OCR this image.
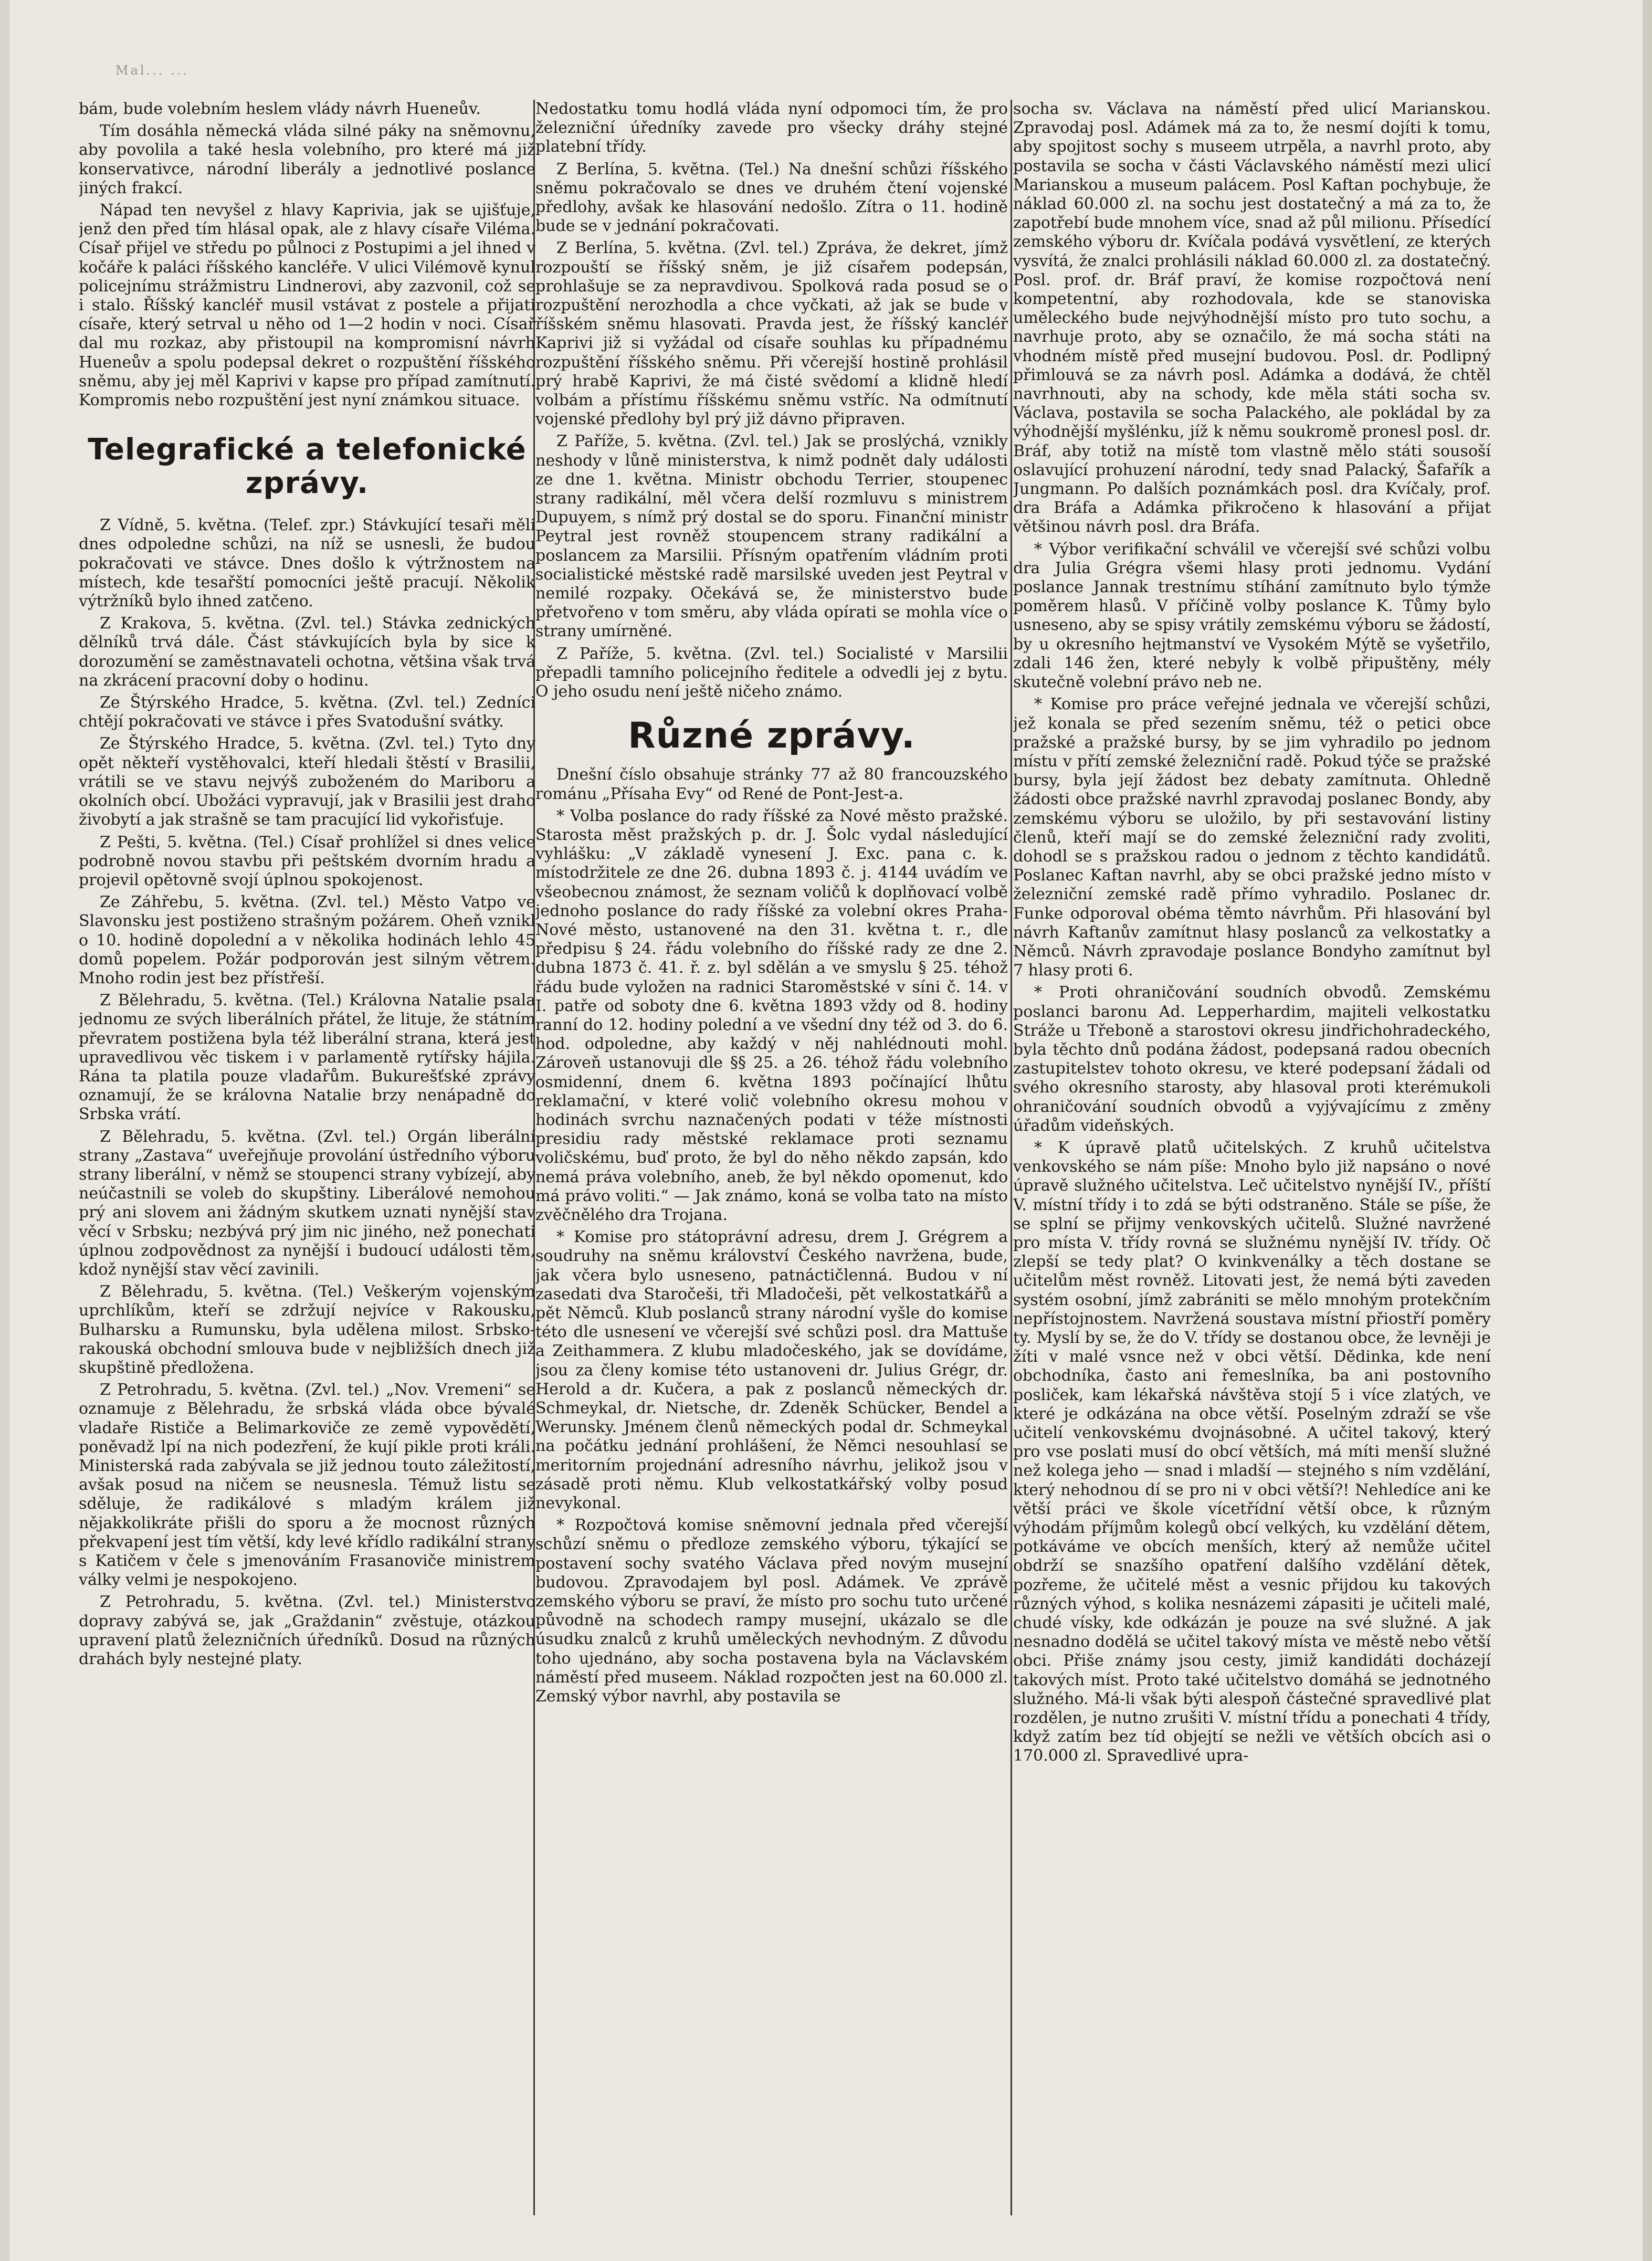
Mal... ...

bám, bude volebním heslem vlády návrh Hueneův.

Tím dosáhla německá vláda silné páky na sněmovnu, aby povolila a také hesla volebního, pro které má již konservativce, národní liberály a jednotlivé poslance jiných frakcí.

Nápad ten nevyšel z hlavy Kaprivia, jak se ujišťuje, jenž den před tím hlásal opak, ale z hlavy císaře Viléma. Císař přijel ve středu po půlnoci z Postupimi a jel ihned v kočáře k paláci říšského kancléře. V ulici Vilémově kynul policejnímu strážmistru Lindnerovi, aby zazvonil, což se i stalo. Říšský kancléř musil vstávat z postele a přijati císaře, který setrval u něho od 1—2 hodin v noci. Císař dal mu rozkaz, aby přistoupil na kompromisní návrh Hueneův a spolu podepsal dekret o rozpuštění říšského sněmu, aby jej měl Kaprivi v kapse pro případ zamítnutí. Kompromis nebo rozpuštění jest nyní známkou situace.

Telegrafické a telefonické zprávy.

Z Vídně, 5. května. (Telef. zpr.) Stávkující tesaři měli dnes odpoledne schůzi, na níž se usnesli, že budou pokračovati ve stávce. Dnes došlo k výtržnostem na místech, kde tesařští pomocníci ještě pracují. Několik výtržníků bylo ihned zatčeno.

Z Krakova, 5. května. (Zvl. tel.) Stávka zednických dělníků trvá dále. Část stávkujících byla by sice k dorozumění se zaměstnavateli ochotna, většina však trvá na zkrácení pracovní doby o hodinu.

Ze Štýrského Hradce, 5. května. (Zvl. tel.) Zedníci chtějí pokračovati ve stávce i přes Svatodušní svátky.

Ze Štýrského Hradce, 5. května. (Zvl. tel.) Tyto dny opět někteří vystěhovalci, kteří hledali štěstí v Brasilii, vrátili se ve stavu nejvýš zuboženém do Mariboru a okolních obcí. Ubožáci vypravují, jak v Brasilii jest draho živobytí a jak strašně se tam pracující lid vykořisťuje.

Z Pešti, 5. května. (Tel.) Císař prohlížel si dnes velice podrobně novou stavbu při peštském dvorním hradu a projevil opětovně svojí úplnou spokojenost.

Ze Záhřebu, 5. května. (Zvl. tel.) Město Vatpo ve Slavonsku jest postiženo strašným požárem. Oheň vznikl o 10. hodině dopolední a v několika hodinách lehlo 45 domů popelem. Požár podporován jest silným větrem. Mnoho rodin jest bez přístřeší.

Z Bělehradu, 5. května. (Tel.) Královna Natalie psala jednomu ze svých liberálních přátel, že lituje, že státním převratem postižena byla též liberální strana, která jest upravedlivou věc tiskem i v parlamentě rytířsky hájila. Rána ta platila pouze vladařům. Bukurešťské zprávy oznamují, že se královna Natalie brzy nenápadně do Srbska vrátí.

Z Bělehradu, 5. května. (Zvl. tel.) Orgán liberální strany „Zastava“ uveřejňuje provolání ústředního výboru strany liberální, v němž se stoupenci strany vybízejí, aby neúčastnili se voleb do skupštiny. Liberálové nemohou prý ani slovem ani žádným skutkem uznati nynější stav věcí v Srbsku; nezbývá prý jim nic jiného, než ponechati úplnou zodpovědnost za nynější i budoucí události těm, kdož nynější stav věcí zavinili.

Z Bělehradu, 5. května. (Tel.) Veškerým vojenským uprchlíkům, kteří se zdržují nejvíce v Rakousku, Bulharsku a Rumunsku, byla udělena milost. Srbsko-rakouská obchodní smlouva bude v nejbližších dnech již skupštině předložena.

Z Petrohradu, 5. května. (Zvl. tel.) „Nov. Vremeni“ se oznamuje z Bělehradu, že srbská vláda obce bývalé vladaře Rističe a Belimarkoviče ze země vypovědětí, poněvadž lpí na nich podezření, že kují pikle proti králi. Ministerská rada zabývala se již jednou touto záležitostí, avšak posud na ničem se neusnesla. Témuž listu se sděluje, že radikálové s mladým králem již nějakkolikráte přišli do sporu a že mocnost různých překvapení jest tím větší, kdy levé křídlo radikální strany s Katičem v čele s jmenováním Frasanoviče ministrem války velmi je nespokojeno.

Z Petrohradu, 5. května. (Zvl. tel.) Ministerstvo dopravy zabývá se, jak „Graždanin“ zvěstuje, otázkou upravení platů železničních úředníků. Dosud na různých drahách byly nestejné platy.

Nedostatku tomu hodlá vláda nyní odpomoci tím, že pro železniční úředníky zavede pro všecky dráhy stejné platební třídy.

Z Berlína, 5. května. (Tel.) Na dnešní schůzi říšského sněmu pokračovalo se dnes ve druhém čtení vojenské předlohy, avšak ke hlasování nedošlo. Zítra o 11. hodině bude se v jednání pokračovati.

Z Berlína, 5. května. (Zvl. tel.) Zpráva, že dekret, jímž rozpouští se říšský sněm, je již císařem podepsán, prohlašuje se za nepravdivou. Spolková rada posud se o rozpuštění nerozhodla a chce vyčkati, až jak se bude v říšském sněmu hlasovati. Pravda jest, že říšský kancléř Kaprivi již si vyžádal od císaře souhlas ku případnému rozpuštění říšského sněmu. Při včerejší hostině prohlásil prý hrabě Kaprivi, že má čisté svědomí a klidně hledí volbám a přístímu říšskému sněmu vstříc. Na odmítnutí vojenské předlohy byl prý již dávno připraven.

Z Paříže, 5. května. (Zvl. tel.) Jak se proslýchá, vznikly neshody v lůně ministerstva, k nimž podnět daly události ze dne 1. května. Ministr obchodu Terrier, stoupenec strany radikální, měl včera delší rozmluvu s ministrem Dupuyem, s nímž prý dostal se do sporu. Finanční ministr Peytral jest rovněž stoupencem strany radikální a poslancem za Marsilii. Přísným opatřením vládním proti socialistické městské radě marsilské uveden jest Peytral v nemilé rozpaky. Očekává se, že ministerstvo bude přetvořeno v tom směru, aby vláda opírati se mohla více o strany umírněné.

Z Paříže, 5. května. (Zvl. tel.) Socialisté v Marsilii přepadli tamního policejního ředitele a odvedli jej z bytu. O jeho osudu není ještě ničeho známo.

Různé zprávy.

Dnešní číslo obsahuje stránky 77 až 80 francouzského románu „Přísaha Evy“ od René de Pont-Jest-a.

* Volba poslance do rady říšské za Nové město pražské. Starosta měst pražských p. dr. J. Šolc vydal následující vyhlášku: „V základě vynesení J. Exc. pana c. k. místodržitele ze dne 26. dubna 1893 č. j. 4144 uvádím ve všeobecnou známost, že seznam voličů k doplňovací volbě jednoho poslance do rady říšské za volební okres Praha-Nové město, ustanovené na den 31. května t. r., dle předpisu § 24. řádu volebního do říšské rady ze dne 2. dubna 1873 č. 41. ř. z. byl sdělán a ve smyslu § 25. téhož řádu bude vyložen na radnici Staroměstské v síni č. 14. v I. patře od soboty dne 6. května 1893 vždy od 8. hodiny ranní do 12. hodiny polední a ve všední dny též od 3. do 6. hod. odpoledne, aby každý v něj nahlédnouti mohl. Zároveň ustanovuji dle §§ 25. a 26. téhož řádu volebního osmidenní, dnem 6. května 1893 počínající lhůtu reklamační, v které volič volebního okresu mohou v hodinách svrchu naznačených podati v téže místnosti presidiu rady městské reklamace proti seznamu voličskému, buď proto, že byl do něho někdo zapsán, kdo nemá práva volebního, aneb, že byl někdo opomenut, kdo má právo voliti.“ — Jak známo, koná se volba tato na místo zvěčnělého dra Trojana.

* Komise pro státoprávní adresu, drem J. Grégrem a soudruhy na sněmu království Českého navržena, bude, jak včera bylo usneseno, patnáctičlenná. Budou v ní zasedati dva Staročeši, tři Mladočeši, pět velkostatkářů a pět Němců. Klub poslanců strany národní vyšle do komise této dle usnesení ve včerejší své schůzi posl. dra Mattuše a Zeithammera. Z klubu mladočeského, jak se dovídáme, jsou za členy komise této ustanoveni dr. Julius Grégr, dr. Herold a dr. Kučera, a pak z poslanců německých dr. Schmeykal, dr. Nietsche, dr. Zdeněk Schücker, Bendel a Werunsky. Jménem členů německých podal dr. Schmeykal na počátku jednání prohlášení, že Němci nesouhlasí se meritorním projednání adresního návrhu, jelikož jsou v zásadě proti němu. Klub velkostatkářský volby posud nevykonal.

* Rozpočtová komise sněmovní jednala před včerejší schůzí sněmu o předloze zemského výboru, týkající se postavení sochy svatého Václava před novým musejní budovou. Zpravodajem byl posl. Adámek. Ve zprávě zemského výboru se praví, že místo pro sochu tuto určené původně na schodech rampy musejní, ukázalo se dle úsudku znalců z kruhů uměleckých nevhodným. Z důvodu toho ujednáno, aby socha postavena byla na Václavském náměstí před museem. Náklad rozpočten jest na 60.000 zl. Zemský výbor navrhl, aby postavila se

socha sv. Václava na náměstí před ulicí Marianskou. Zpravodaj posl. Adámek má za to, že nesmí dojíti k tomu, aby spojitost sochy s museem utrpěla, a navrhl proto, aby postavila se socha v části Václavského náměstí mezi ulicí Marianskou a museum palácem. Posl Kaftan pochybuje, že náklad 60.000 zl. na sochu jest dostatečný a má za to, že zapotřebí bude mnohem více, snad až půl milionu. Přísedící zemského výboru dr. Kvíčala podává vysvětlení, ze kterých vysvítá, že znalci prohlásili náklad 60.000 zl. za dostatečný. Posl. prof. dr. Bráf praví, že komise rozpočtová není kompetentní, aby rozhodovala, kde se stanoviska uměleckého bude nejvýhodnější místo pro tuto sochu, a navrhuje proto, aby se označilo, že má socha státi na vhodném místě před musejní budovou. Posl. dr. Podlipný přimlouvá se za návrh posl. Adámka a dodává, že chtěl navrhnouti, aby na schody, kde měla státi socha sv. Václava, postavila se socha Palackého, ale pokládal by za výhodnější myšlénku, jíž k němu soukromě pronesl posl. dr. Bráf, aby totiž na místě tom vlastně mělo státi sousoší oslavující prohuzení národní, tedy snad Palacký, Šafařík a Jungmann. Po dalších poznámkách posl. dra Kvíčaly, prof. dra Bráfa a Adámka přikročeno k hlasování a přijat většinou návrh posl. dra Bráfa.

* Výbor verifikační schválil ve včerejší své schůzi volbu dra Julia Grégra všemi hlasy proti jednomu. Vydání poslance Jannak trestnímu stíhání zamítnuto bylo týmže poměrem hlasů. V příčině volby poslance K. Tůmy bylo usneseno, aby se spisy vrátily zemskému výboru se žádostí, by u okresního hejtmanství ve Vysokém Mýtě se vyšetřilo, zdali 146 žen, které nebyly k volbě připuštěny, mély skutečně volební právo neb ne.

* Komise pro práce veřejné jednala ve včerejší schůzi, jež konala se před sezením sněmu, též o petici obce pražské a pražské bursy, by se jim vyhradilo po jednom místu v přítí zemské železniční radě. Pokud týče se pražské bursy, byla její žádost bez debaty zamítnuta. Ohledně žádosti obce pražské navrhl zpravodaj poslanec Bondy, aby zemskému výboru se uložilo, by při sestavování listiny členů, kteří mají se do zemské železniční rady zvoliti, dohodl se s pražskou radou o jednom z těchto kandidátů. Poslanec Kaftan navrhl, aby se obci pražské jedno místo v železniční zemské radě přímo vyhradilo. Poslanec dr. Funke odporoval obéma těmto návrhům. Při hlasování byl návrh Kaftanův zamítnut hlasy poslanců za velkostatky a Němců. Návrh zpravodaje poslance Bondyho zamítnut byl 7 hlasy proti 6.

* Proti ohraničování soudních obvodů. Zemskému poslanci baronu Ad. Lepperhardim, majiteli velkostatku Stráže u Třeboně a starostovi okresu jindřichohradeckého, byla těchto dnů podána žádost, podepsaná radou obecních zastupitelstev tohoto okresu, ve které podepsaní žádali od svého okresního starosty, aby hlasoval proti kterémukoli ohraničování soudních obvodů a vyjývajícímu z změny úřadům videňských.

* K úpravě platů učitelských. Z kruhů učitelstva venkovského se nám píše: Mnoho bylo již napsáno o nové úpravě služného učitelstva. Leč učitelstvo nynější IV., příští V. místní třídy i to zdá se býti odstraněno. Stále se píše, že se splní se přijmy venkovských učitelů. Služné navržené pro místa V. třídy rovná se služnému nynější IV. třídy. Oč zlepší se tedy plat? O kvinkvenálky a těch dostane se učitelům měst rovněž. Litovati jest, že nemá býti zaveden systém osobní, jímž zabrániti se mělo mnohým protekčním nepřístojnostem. Navržená soustava místní přiostří poměry ty. Myslí by se, že do V. třídy se dostanou obce, že levněji je žíti v malé vsnce než v obci větší. Dědinka, kde není obchodníka, často ani řemeslníka, ba ani postovního posliček, kam lékařská návštěva stojí 5 i více zlatých, ve které je odkázána na obce větší. Poselným zdraží se vše učitelí venkovskému dvojnásobné. A učitel takový, který pro vse poslati musí do obcí větších, má míti menší služné než kolega jeho — snad i mladší — stejného s ním vzdělání, který nehodnou dí se pro ni v obci větší?! Nehledíce ani ke větší práci ve škole vícetřídní větší obce, k různým výhodám příjmům kolegů obcí velkých, ku vzdělání dětem, potkáváme ve obcích menších, který až nemůže učitel obdrží se snazšího opatření dalšího vzdělání dětek, pozřeme, že učitelé měst a vesnic přijdou ku takových různých výhod, s kolika nesnázemi zápasiti je učiteli malé, chudé vísky, kde odkázán je pouze na své služné. A jak nesnadno dodělá se učitel takový místa ve městě nebo větší obci. Přiše známy jsou cesty, jimiž kandidáti docházejí takových míst. Proto také učitelstvo domáhá se jednotného služného. Má-li však býti alespoň částečné spravedlivé plat rozdělen, je nutno zrušiti V. místní třídu a ponechati 4 třídy, když zatím bez tíd objejtí se nežli ve větších obcích asi o 170.000 zl. Spravedlivé upra-
